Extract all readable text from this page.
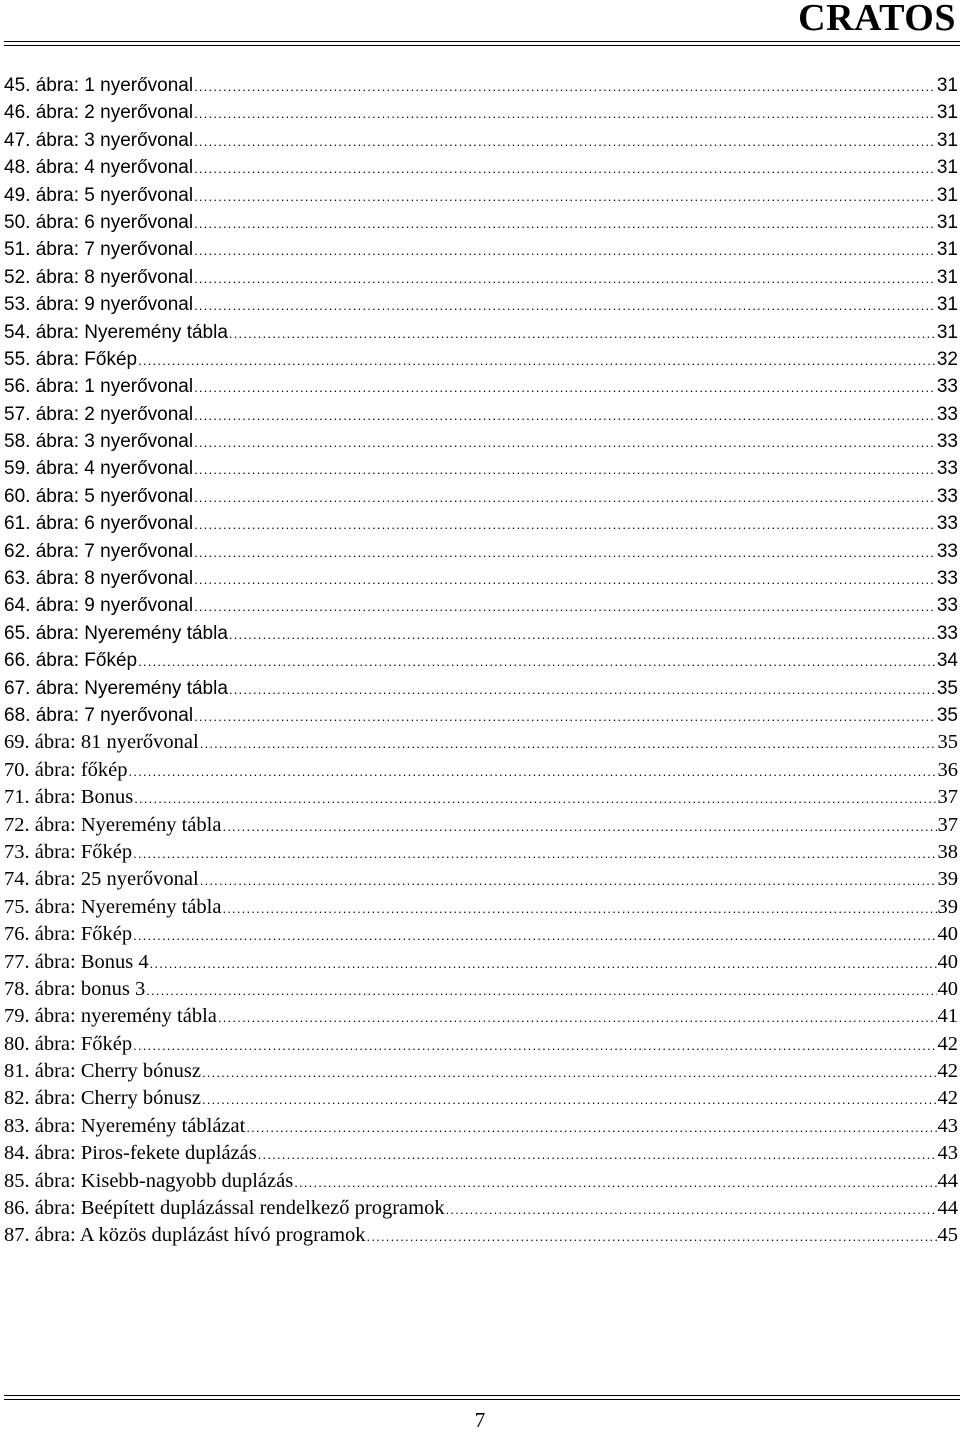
CRATOS
45. ábra: 1 nyerővonal .....	31
46. ábra: 2 nyerővonal .....	31
47. ábra: 3 nyerővonal .....	31
48. ábra: 4 nyerővonal .....	31
49. ábra: 5 nyerővonal .....	31
50. ábra: 6 nyerővonal .....	31
51. ábra: 7 nyerővonal .....	31
52. ábra: 8 nyerővonal .....	31
53. ábra: 9 nyerővonal .....	31
54. ábra: Nyeremény tábla .....	31
55. ábra: Főkép .....	32
56. ábra: 1 nyerővonal .....	33
57. ábra: 2 nyerővonal .....	33
58. ábra: 3 nyerővonal .....	33
59. ábra: 4 nyerővonal .....	33
60. ábra: 5 nyerővonal .....	33
61. ábra: 6 nyerővonal .....	33
62. ábra: 7 nyerővonal .....	33
63. ábra: 8 nyerővonal .....	33
64. ábra: 9 nyerővonal .....	33
65. ábra: Nyeremény tábla .....	33
66. ábra: Főkép .....	34
67. ábra: Nyeremény tábla .....	35
68. ábra: 7 nyerővonal .....	35
69. ábra: 81 nyerővonal .....	35
70. ábra: főkép .....	36
71. ábra: Bonus .....	37
72. ábra: Nyeremény tábla .....	37
73. ábra: Főkép .....	38
74. ábra: 25 nyerővonal .....	39
75. ábra: Nyeremény tábla .....	39
76. ábra: Főkép .....	40
77. ábra: Bonus 4 .....	40
78. ábra: bonus 3 .....	40
79. ábra: nyeremény tábla .....	41
80. ábra: Főkép .....	42
81. ábra: Cherry bónusz .....	42
82. ábra: Cherry bónusz .....	42
83. ábra: Nyeremény táblázat .....	43
84. ábra: Piros-fekete duplázás .....	43
85. ábra: Kisebb-nagyobb duplázás .....	44
86. ábra: Beépített duplázással rendelkező programok .....	44
87. ábra: A közös duplázást hívó programok .....	45
7
